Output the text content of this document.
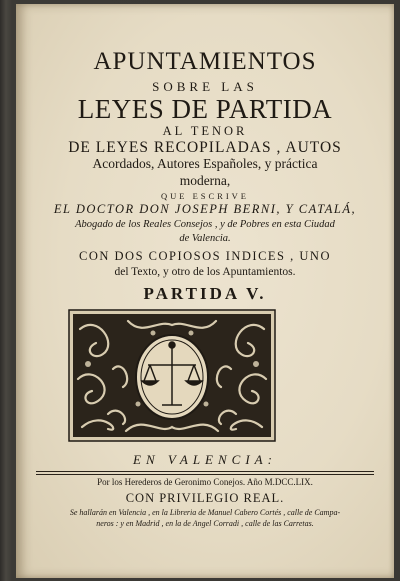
APUNTAMIENTOS
SOBRE LAS
LEYES DE PARTIDA
AL TENOR
DE LEYES RECOPILADAS , AUTOS
Acordados, Autores Españoles, y práctica
moderna,
QUE ESCRIVE
EL DOCTOR DON JOSEPH BERNI, Y CATALÁ,
Abogado de los Reales Consejos , y de Pobres en esta Ciudad
de Valencia.
CON DOS COPIOSOS INDICES , UNO
del Texto, y otro de los Apuntamientos.
PARTIDA V.
EN VALENCIA:
Por los Herederos de Geronimo Conejos. Año M.DCC.LIX.
CON PRIVILEGIO REAL.
Se hallarán en Valencia , en la Libreria de Manuel Cabero Cortés , calle de Campa-
neros : y en Madrid , en la de Angel Corradi , calle de las Carretas.
